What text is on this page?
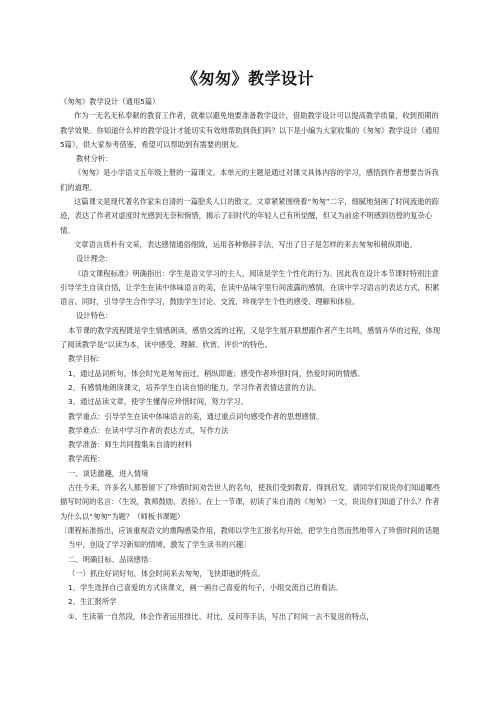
《匆匆》教学设计

《匆匆》教学设计（通用5篇）

作为一无名无私奉献的教育工作者，就难以避免地要准备教学设计，借助教学设计可以提高教学质量，收到预期的教学效果。你知道什么样的教学设计才能切实有效地帮助到我们吗？以下是小编为大家收集的《匆匆》教学设计（通用5篇），供大家参考借鉴，希望可以帮助到有需要的朋友。

教材分析：

《匆匆》是小学语文五年级上册的一篇课文。本单元的主题是通过对课文具体内容的学习，感悟到作者想要告诉我们的道理。

这篇课文是现代著名作家朱自清的一篇脍炙人口的散文。文章紧紧围绕着“匆匆”二字，细腻地刻画了时间流逝的踪迹，表达了作者对虚度时光感到无奈和惋惜，揭示了旧时代的年轻人已有所觉醒，但又为前途不明感到彷徨的复杂心情。

文章语言质朴有文采，表达感情通俗细致，运用各种修辞手法，写出了日子是怎样的来去匆匆和稍纵即逝。

设计理念：

《语文课程标准》明确指出：学生是语文学习的主人，阅读是学生个性化的行为。因此我在设计本节课时特别注意引导学生自读自悟，让学生在读中体味语言的美，在读中品味字里行间流露的感情，在读中学习语言的表达方式，积累语言。同时，引导学生合作学习，鼓励学生讨论、交流，珍视学生个性的感受、理解和体验。

设计特色：

本节课的教学流程既是学生情感朗读，感悟交流的过程，又是学生展开联想跟作者产生共鸣，感情升华的过程，体现了阅读教学是“以读为本，读中感受、理解、欣赏、评价”的特色。

教学目标：

1、通过品词析句，体会时光是匆匆而过，稍纵即逝；感受作者珍惜时间，热爱时间的情感。

2、有感情地朗读课文，培养学生自读自悟的能力，学习作者表情达意的方法。

3、通过品读文章，使学生懂得应珍惜时间，努力学习。

教学重点：引导学生在读中体味语言的美，通过重点词句感受作者的思想感情。

教学难点：在读中学习作者的表达方式，写作方法

教学准备：师生共同搜集朱自清的材料

教学流程：

一、谈话激趣，进入情境

古往今来，许多名人都曾留下了珍惜时间劝告世人的名句，使我们受到教育、得到启发。请同学们说说你们知道哪些描写时间的名言：（生说，教师鼓励、表扬）。在上一节课，初读了朱自清的《匆匆》一文，说说你们知道了什么？作者为什么以“匆匆”为题？（师板书课题）

〔课程标准指出，应该重视语文的熏陶感染作用，教师以学生汇报名句开始，把学生自然而然地带入了珍惜时间的话题当中，创设了学习新知的情境，激发了学生读书的兴趣〕

二、明确目标、品读感悟：

（一）抓住好词好句，体会时间来去匆匆，飞快即逝的特点。

1、学生选择自己喜爱的方式读课文，画一画自己喜爱的句子，小组交流自己的看法。

2、生汇报所学

①、生读第一自然段，体会作者运用排比、对比，反问等手法，写出了时间一去不复返的特点，
